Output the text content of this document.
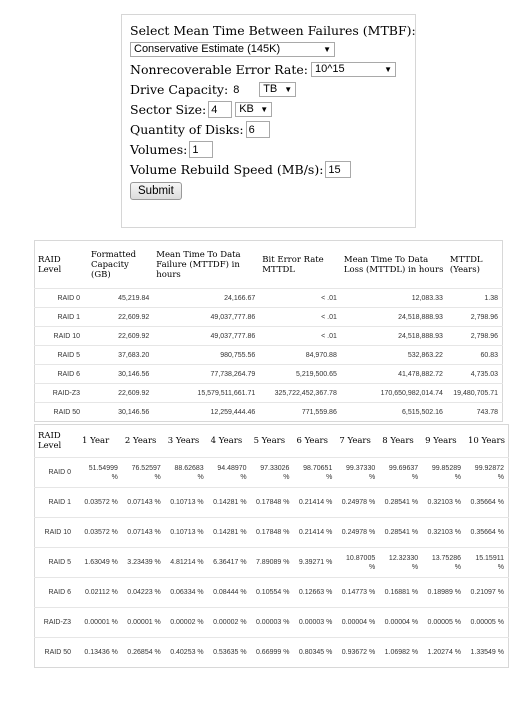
Select Mean Time Between Failures (MTBF):
Conservative Estimate (145K)	▼
Nonrecoverable Error Rate: 10^15	▼
Drive Capacity: 8	TB ▼
Sector Size: 4	KB ▼
Quantity of Disks: 6
Volumes: 1
Volume Rebuild Speed (MB/s): 15
Submit
RAID Level	Formatted Capacity (GB)	Mean Time To Data Failure (MTTDF) in hours	Bit Error Rate MTTDL	Mean Time To Data Loss (MTTDL) in hours	MTTDL (Years)
RAID 0	45,219.84	24,166.67	< .01	12,083.33	1.38
RAID 1	22,609.92	49,037,777.86	< .01	24,518,888.93	2,798.96
RAID 10	22,609.92	49,037,777.86	< .01	24,518,888.93	2,798.96
RAID 5	37,683.20	980,755.56	84,970.88	532,863.22	60.83
RAID 6	30,146.56	77,738,264.79	5,219,500.65	41,478,882.72	4,735.03
RAID-Z3	22,609.92	15,579,511,661.71	325,722,452,367.78	170,650,982,014.74	19,480,705.71
RAID 50	30,146.56	12,259,444.46	771,559.86	6,515,502.16	743.78
RAID Level	1 Year	2 Years	3 Years	4 Years	5 Years	6 Years	7 Years	8 Years	9 Years	10 Years
RAID 0	51.54999 %	76.52597 %	88.62683 %	94.48970 %	97.33026 %	98.70651 %	99.37330 %	99.69637 %	99.85289 %	99.92872 %
RAID 1	0.03572 %	0.07143 %	0.10713 %	0.14281 %	0.17848 %	0.21414 %	0.24978 %	0.28541 %	0.32103 %	0.35664 %
RAID 10	0.03572 %	0.07143 %	0.10713 %	0.14281 %	0.17848 %	0.21414 %	0.24978 %	0.28541 %	0.32103 %	0.35664 %
RAID 5	1.63049 %	3.23439 %	4.81214 %	6.36417 %	7.89089 %	9.39271 %	10.87005 %	12.32330 %	13.75286 %	15.15911 %
RAID 6	0.02112 %	0.04223 %	0.06334 %	0.08444 %	0.10554 %	0.12663 %	0.14773 %	0.16881 %	0.18989 %	0.21097 %
RAID-Z3	0.00001 %	0.00001 %	0.00002 %	0.00002 %	0.00003 %	0.00003 %	0.00004 %	0.00004 %	0.00005 %	0.00005 %
RAID 50	0.13436 %	0.26854 %	0.40253 %	0.53635 %	0.66999 %	0.80345 %	0.93672 %	1.06982 %	1.20274 %	1.33549 %
